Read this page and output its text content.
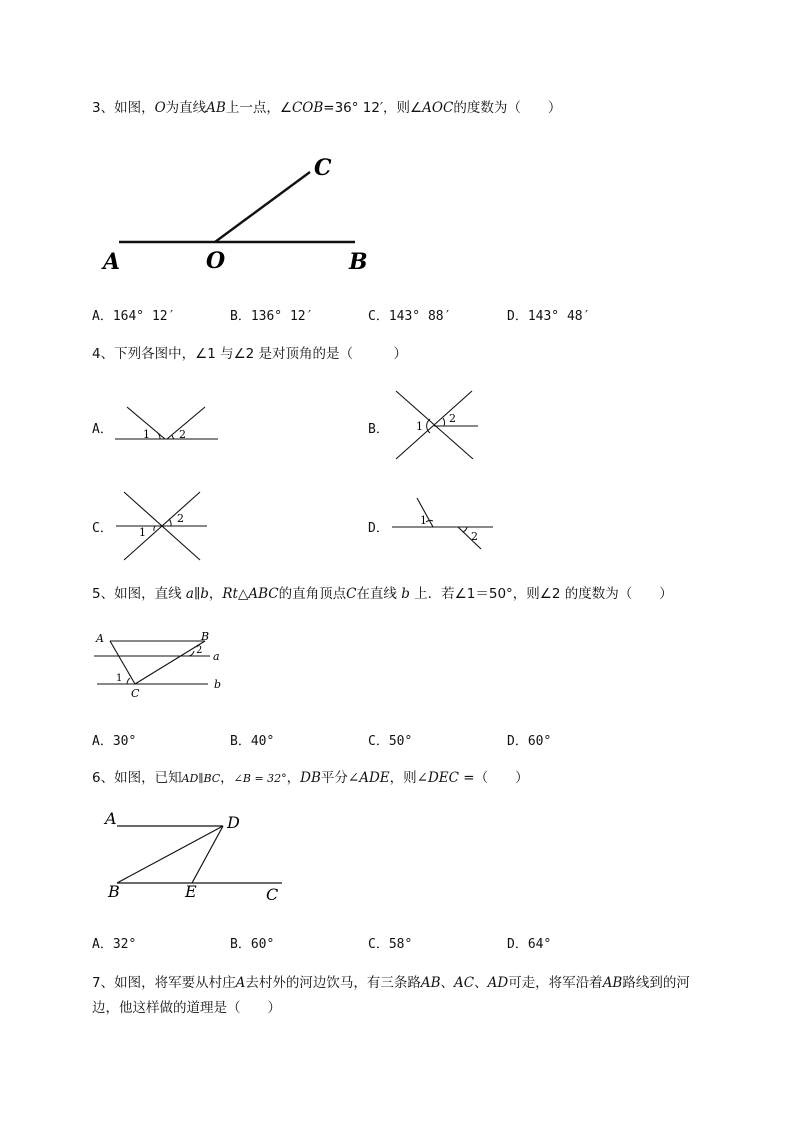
3、如图，O为直线AB上一点，∠COB=36° 12′，则∠AOC的度数为（　　）
A	O	B
C
A．164° 12′	B．136° 12′	C．143° 88′	D．143° 48′
4、下列各图中，∠1 与∠2 是对顶角的是（　　　）
A．	1	2	B． 1
2
C．
2
1	D．
1
2
5、如图，直线 a∥b，Rt△ABC的直角顶点C在直线 b 上．若∠1＝50°，则∠2 的度数为（　　）
A	B
C
a
b
1
2
A．30°	B．40°	C．50°	D．60°
6、如图，已知AD∥BC，∠B = 32°，DB平分∠ADE，则∠DEC =（　　）
A	D
B	E	C
A．32°	B．60°	C．58°	D．64°
7、如图，将军要从村庄A去村外的河边饮马，有三条路AB、AC、AD可走，将军沿着AB路线到的河
边，他这样做的道理是（　　）
